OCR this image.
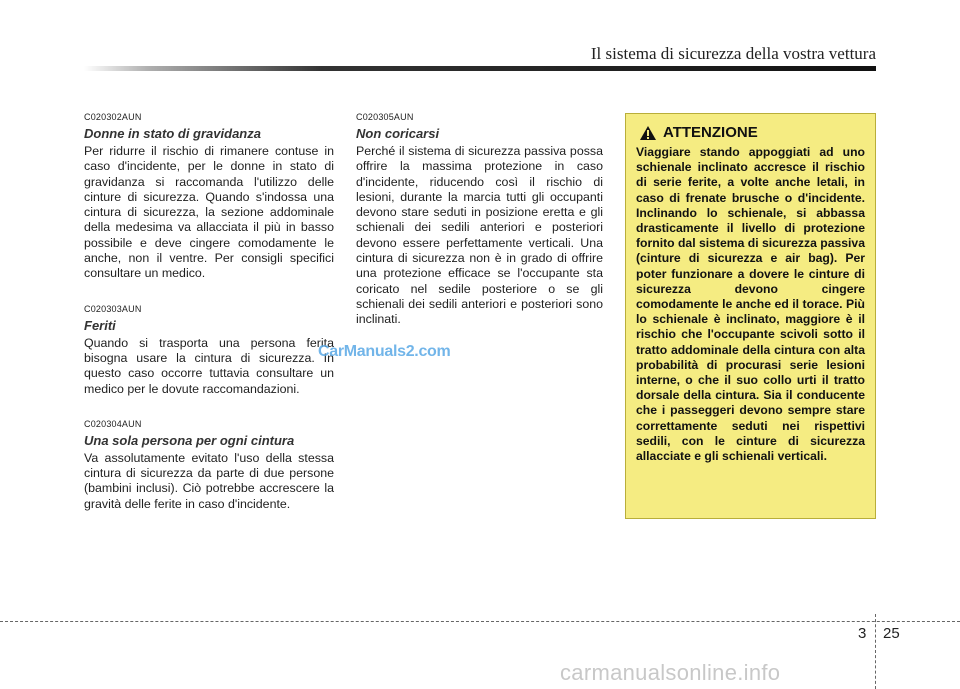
Il sistema di sicurezza della vostra vettura
C020302AUN
Donne in stato di gravidanza

Per ridurre il rischio di rimanere contuse in caso d'incidente, per le donne in stato di gravidanza si raccomanda l'utilizzo delle cinture di sicurezza. Quando s'indossa una cintura di sicurezza, la sezione addominale della medesima va allacciata il più in basso possibile e deve cingere comodamente le anche, non il ventre. Per consigli specifici consultare un medico.

C020303AUN
Feriti

Quando si trasporta una persona ferita bisogna usare la cintura di sicurezza. In questo caso occorre tuttavia consultare un medico per le dovute raccomandazioni.

C020304AUN
Una sola persona per ogni cintura

Va assolutamente evitato l'uso della stessa cintura di sicurezza da parte di due persone (bambini inclusi). Ciò potrebbe accrescere la gravità delle ferite in caso d'incidente.

C020305AUN
Non coricarsi

Perché il sistema di sicurezza passiva possa offrire la massima protezione in caso d'incidente, riducendo così il rischio di lesioni, durante la marcia tutti gli occupanti devono stare seduti in posizione eretta e gli schienali dei sedili anteriori e posteriori devono essere perfettamente verticali. Una cintura di sicurezza non è in grado di offrire una protezione efficace se l'occupante sta coricato nel sedile posteriore o se gli schienali dei sedili anteriori e posteriori sono inclinati.

ATTENZIONE

Viaggiare stando appoggiati ad uno schienale inclinato accresce il rischio di serie ferite, a volte anche letali, in caso di frenate brusche o d'incidente. Inclinando lo schienale, si abbassa drasticamente il livello di protezione fornito dal sistema di sicurezza passiva (cinture di sicurezza e air bag). Per poter funzionare a dovere le cinture di sicurezza devono cingere comodamente le anche ed il torace. Più lo schienale è inclinato, maggiore è il rischio che l'occupante scivoli sotto il tratto addominale della cintura con alta probabilità di procurasi serie lesioni interne, o che il suo collo urti il tratto dorsale della cintura. Sia il conducente che i passeggeri devono sempre stare correttamente seduti nei rispettivi sedili, con le cinture di sicurezza allacciate e gli schienali verticali.

CarManuals2.com
3 25
carmanualsonline.info
